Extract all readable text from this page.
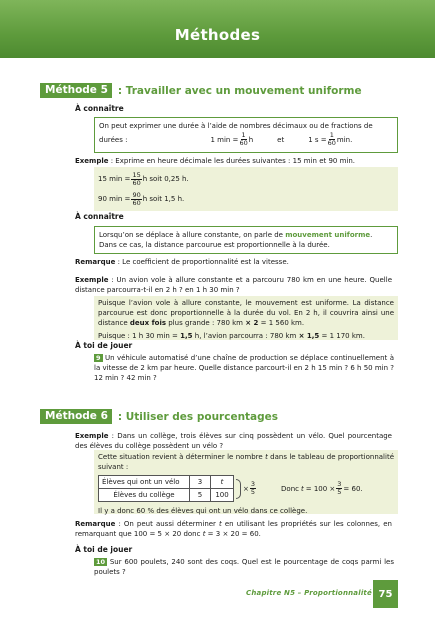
Méthodes
Méthode 5 : Travailler avec un mouvement uniforme
À connaître
On peut exprimer une durée à l’aide de nombres décimaux ou de fractions de
durées :	1 $\min = \frac{1}{60}$ h	et	1 $s = \frac{1}{60} \min$.
Exemple : Exprime en heure décimale les durées suivantes : 15 min et 90 min.
15 $\min = \frac{15}{60}$ h soit 0,25 h.
90 $\min = \frac{90}{60}$ h soit 1,5 h.
À connaître
Lorsqu’on se déplace à allure constante, on parle de mouvement uniforme.
Dans ce cas, la distance parcourue est proportionnelle à la durée.
Remarque : Le coefficient de proportionnalité est la vitesse.
Exemple : Un avion vole à allure constante et a parcouru 780 km en une heure. Quelle distance parcourra-t-il en 2 h ? en 1 h 30 min ?
Puisque l’avion vole à allure constante, le mouvement est uniforme. La distance parcourue est donc proportionnelle à la durée du vol. En 2 h, il couvrira ainsi une distance deux fois plus grande : 780 km × 2 = 1 560 km.
Puisque : 1 h 30 min = 1,5 h, l’avion parcourra : 780 km × 1,5 = 1 170 km.
À toi de jouer
9 Un véhicule automatisé d’une chaîne de production se déplace continuellement à la vitesse de 2 km par heure. Quelle distance parcourt-il en 2 h 15 min ? 6 h 50 min ? 12 min ? 42 min ?
Méthode 6 : Utiliser des pourcentages
Exemple : Dans un collège, trois élèves sur cinq possèdent un vélo. Quel pourcentage des élèves du collège possèdent un vélo ?
Cette situation revient à déterminer le nombre t dans le tableau de proportionnalité suivant :
Élèves qui ont un vélo	3	t
Élèves du collège	5	100
× $\frac{3}{5}$	Donc $t = 100 \times \frac{3}{5} = 60$.
Il y a donc 60 % des élèves qui ont un vélo dans ce collège.
Remarque : On peut aussi déterminer t en utilisant les propriétés sur les colonnes, en remarquant que 100 = 5 × 20 donc t = 3 × 20 = 60.
À toi de jouer
10 Sur 600 poulets, 240 sont des coqs. Quel est le pourcentage de coqs parmi les poulets ?
Chapitre N5 – Proportionnalité 75
